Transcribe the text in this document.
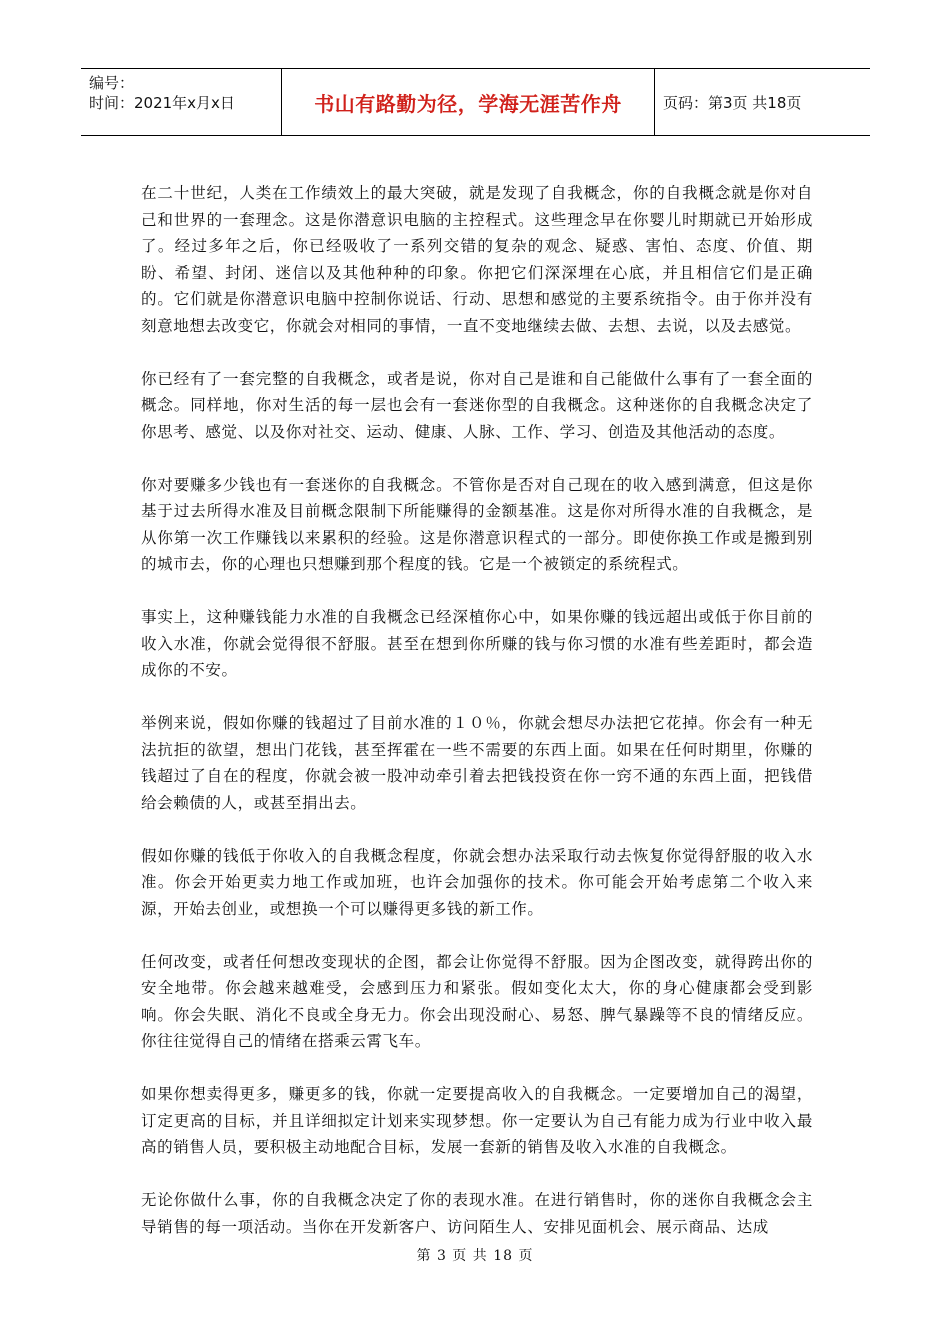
编号：
时间：2021年x月x日	书山有路勤为径，学海无涯苦作舟	页码：第3页 共18页

在二十世纪，人类在工作绩效上的最大突破，就是发现了自我概念，你的自我概念就是你对自己和世界的一套理念。这是你潜意识电脑的主控程式。这些理念早在你婴儿时期就已开始形成了。经过多年之后，你已经吸收了一系列交错的复杂的观念、疑惑、害怕、态度、价值、期盼、希望、封闭、迷信以及其他种种的印象。你把它们深深埋在心底，并且相信它们是正确的。它们就是你潜意识电脑中控制你说话、行动、思想和感觉的主要系统指令。由于你并没有刻意地想去改变它，你就会对相同的事情，一直不变地继续去做、去想、去说，以及去感觉。

你已经有了一套完整的自我概念，或者是说，你对自己是谁和自己能做什么事有了一套全面的概念。同样地，你对生活的每一层也会有一套迷你型的自我概念。这种迷你的自我概念决定了你思考、感觉、以及你对社交、运动、健康、人脉、工作、学习、创造及其他活动的态度。

你对要赚多少钱也有一套迷你的自我概念。不管你是否对自己现在的收入感到满意，但这是你基于过去所得水准及目前概念限制下所能赚得的金额基准。这是你对所得水准的自我概念，是从你第一次工作赚钱以来累积的经验。这是你潜意识程式的一部分。即使你换工作或是搬到别的城市去，你的心理也只想赚到那个程度的钱。它是一个被锁定的系统程式。

事实上，这种赚钱能力水准的自我概念已经深植你心中，如果你赚的钱远超出或低于你目前的收入水准，你就会觉得很不舒服。甚至在想到你所赚的钱与你习惯的水准有些差距时，都会造成你的不安。

举例来说，假如你赚的钱超过了目前水准的１０％，你就会想尽办法把它花掉。你会有一种无法抗拒的欲望，想出门花钱，甚至挥霍在一些不需要的东西上面。如果在任何时期里，你赚的钱超过了自在的程度，你就会被一股冲动牵引着去把钱投资在你一窍不通的东西上面，把钱借给会赖债的人，或甚至捐出去。

假如你赚的钱低于你收入的自我概念程度，你就会想办法采取行动去恢复你觉得舒服的收入水准。你会开始更卖力地工作或加班，也许会加强你的技术。你可能会开始考虑第二个收入来源，开始去创业，或想换一个可以赚得更多钱的新工作。

任何改变，或者任何想改变现状的企图，都会让你觉得不舒服。因为企图改变，就得跨出你的安全地带。你会越来越难受，会感到压力和紧张。假如变化太大，你的身心健康都会受到影响。你会失眠、消化不良或全身无力。你会出现没耐心、易怒、脾气暴躁等不良的情绪反应。你往往觉得自己的情绪在搭乘云霄飞车。

如果你想卖得更多，赚更多的钱，你就一定要提高收入的自我概念。一定要增加自己的渴望，订定更高的目标，并且详细拟定计划来实现梦想。你一定要认为自己有能力成为行业中收入最高的销售人员，要积极主动地配合目标，发展一套新的销售及收入水准的自我概念。

无论你做什么事，你的自我概念决定了你的表现水准。在进行销售时，你的迷你自我概念会主导销售的每一项活动。当你在开发新客户、访问陌生人、安排见面机会、展示商品、达成

第 3 页 共 18 页
